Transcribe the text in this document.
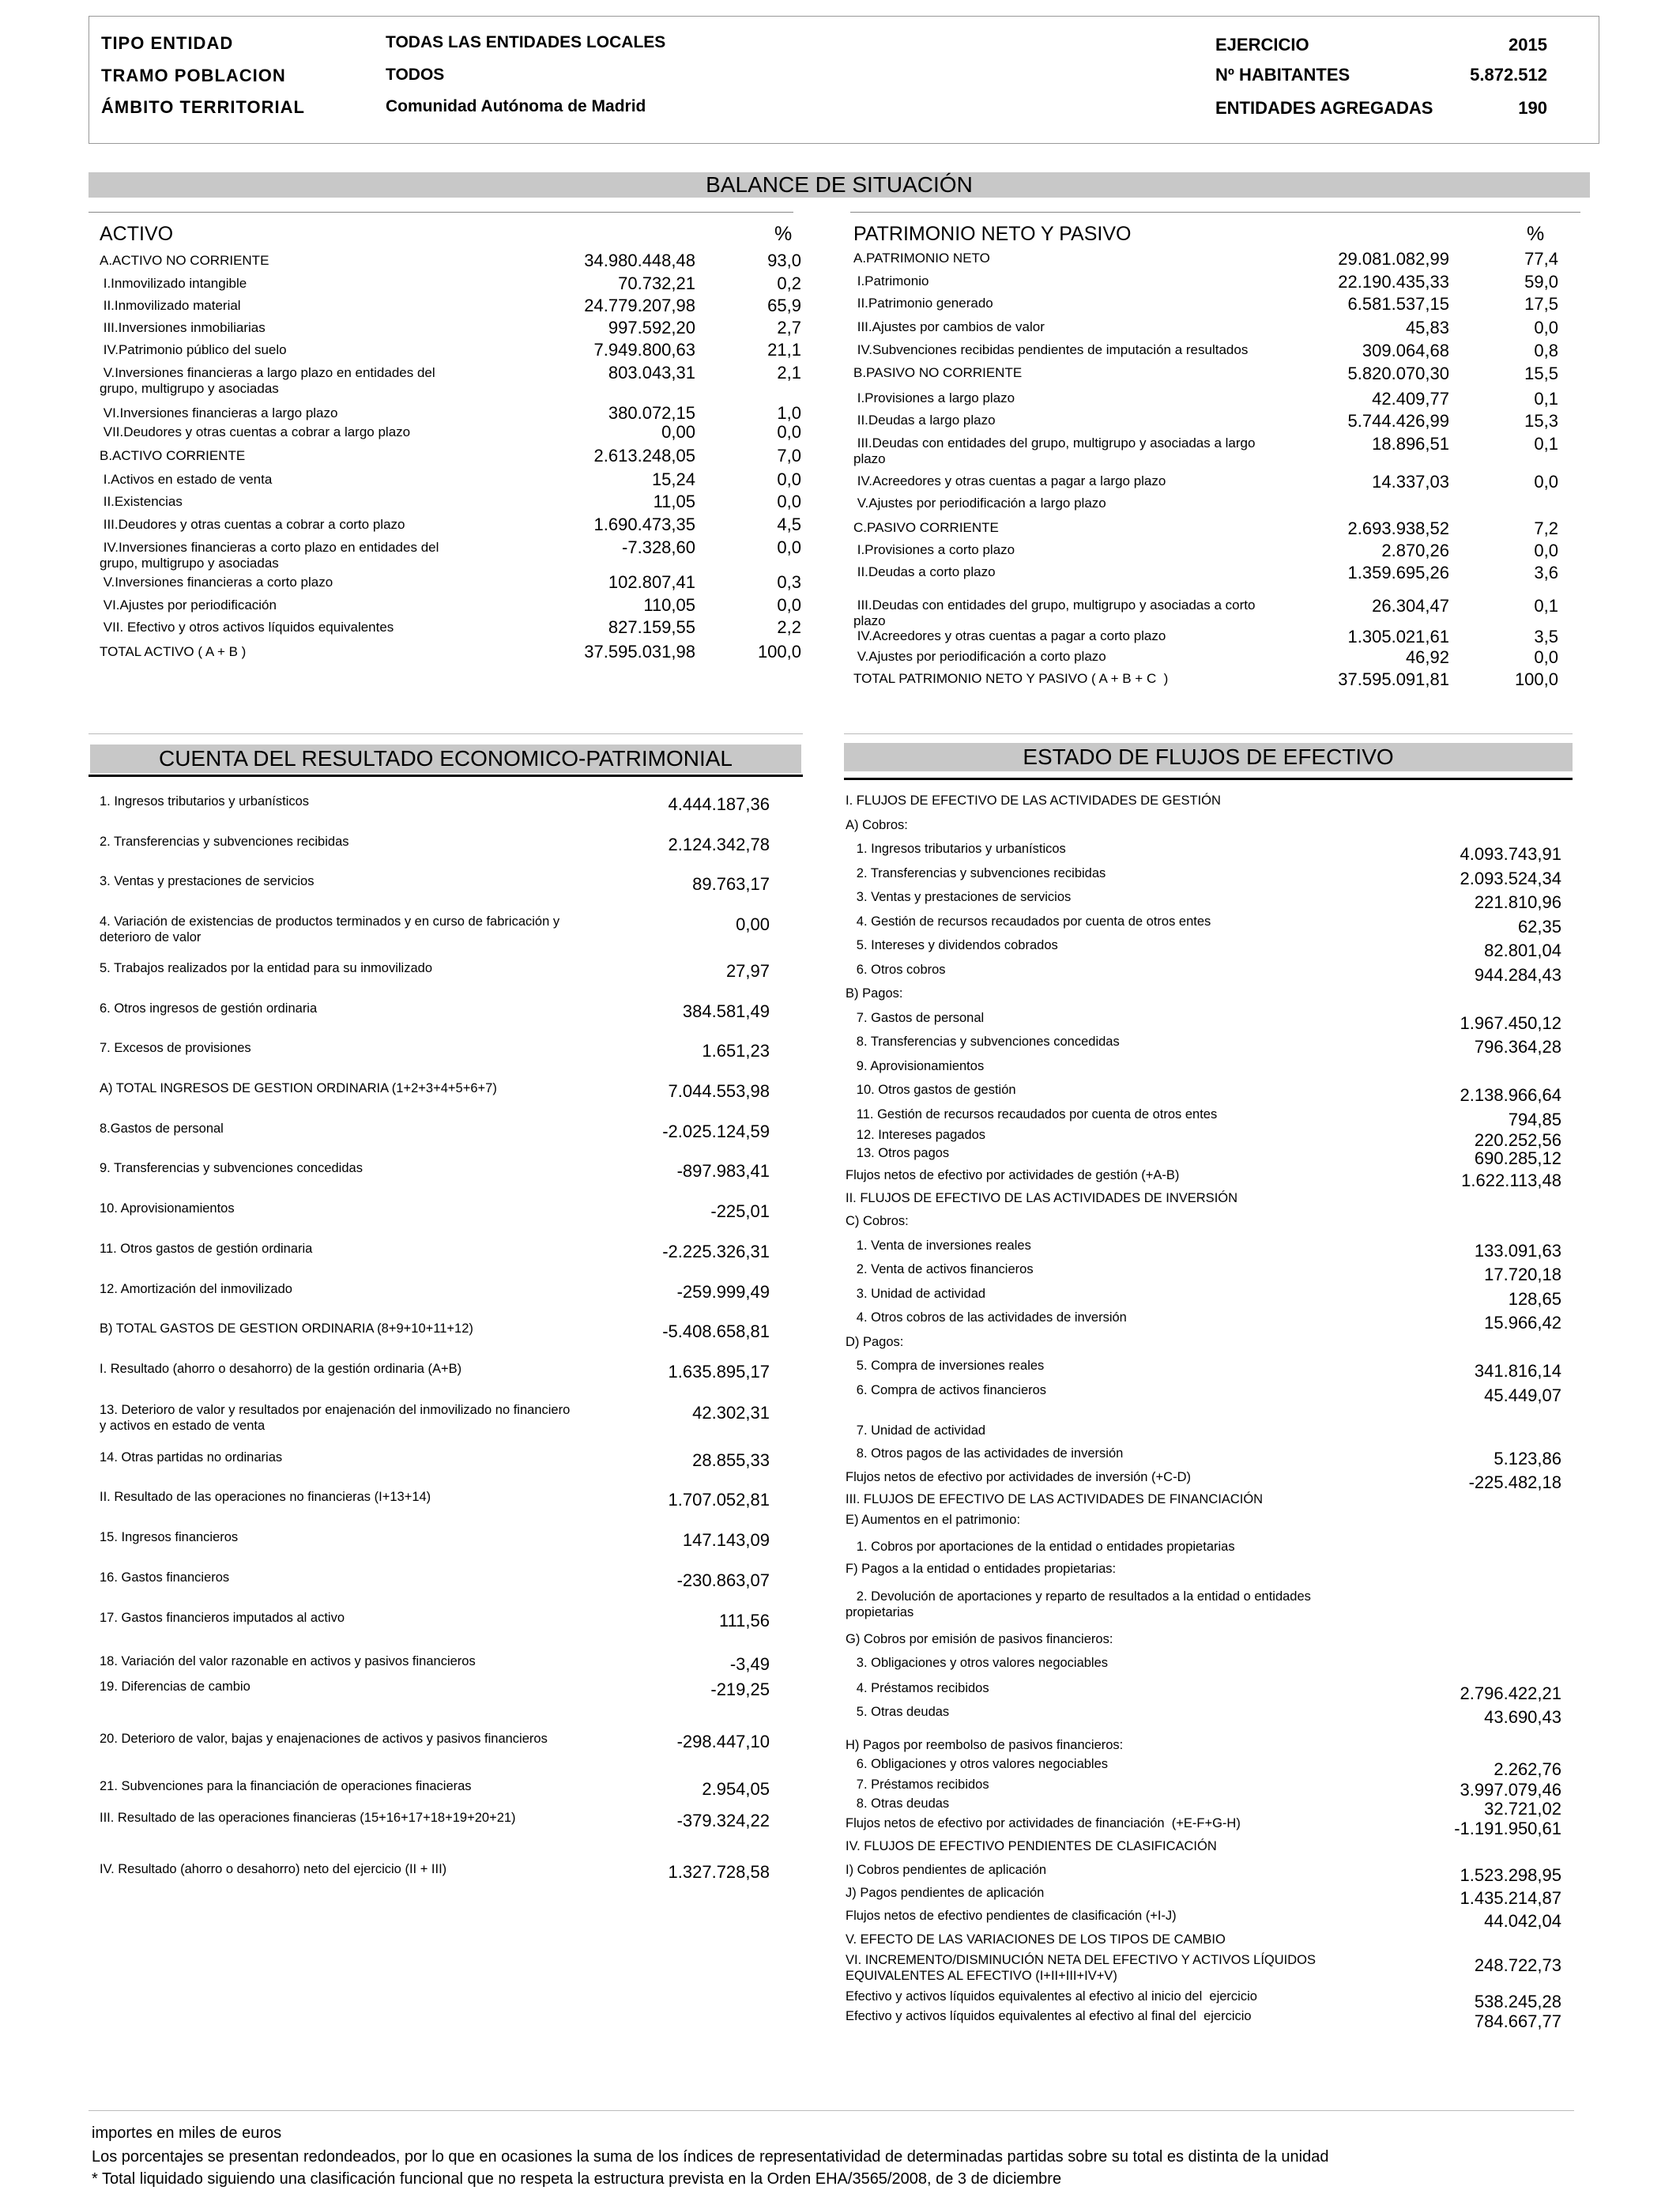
TIPO ENTIDAD	TODAS LAS ENTIDADES LOCALES
TRAMO POBLACION	TODOS
ÁMBITO TERRITORIAL	Comunidad Autónoma de Madrid
EJERCICIO	2015
Nº HABITANTES	5.872.512
ENTIDADES AGREGADAS	190
BALANCE DE SITUACIÓN
ACTIVO	%	PATRIMONIO NETO Y PASIVO	%
A.ACTIVO NO CORRIENTE	34.980.448,48	93,0
I.Inmovilizado intangible	70.732,21	0,2
II.Inmovilizado material	24.779.207,98	65,9
III.Inversiones inmobiliarias	997.592,20	2,7
IV.Patrimonio público del suelo	7.949.800,63	21,1
V.Inversiones financieras a largo plazo en entidades del grupo, multigrupo y asociadas
803.043,31	2,1
VI.Inversiones financieras a largo plazo	380.072,15	1,0
VII.Deudores y otras cuentas a cobrar a largo plazo	0,00	0,0
B.ACTIVO CORRIENTE	2.613.248,05	7,0
I.Activos en estado de venta	15,24	0,0
II.Existencias	11,05	0,0
III.Deudores y otras cuentas a cobrar a corto plazo	1.690.473,35	4,5
IV.Inversiones financieras a corto plazo en entidades del grupo, multigrupo y asociadas
-7.328,60	0,0
V.Inversiones financieras a corto plazo	102.807,41	0,3
VI.Ajustes por periodificación	110,05	0,0
VII. Efectivo y otros activos líquidos equivalentes	827.159,55	2,2
TOTAL ACTIVO ( A + B )	37.595.031,98	100,0
A.PATRIMONIO NETO	29.081.082,99	77,4
I.Patrimonio	22.190.435,33	59,0
II.Patrimonio generado	6.581.537,15	17,5
III.Ajustes por cambios de valor	45,83	0,0
IV.Subvenciones recibidas pendientes de imputación a resultados	309.064,68	0,8
B.PASIVO NO CORRIENTE	5.820.070,30	15,5
I.Provisiones a largo plazo	42.409,77	0,1
II.Deudas a largo plazo	5.744.426,99	15,3
III.Deudas con entidades del grupo, multigrupo y asociadas a largo plazo
18.896,51	0,1
IV.Acreedores y otras cuentas a pagar a largo plazo	14.337,03	0,0
V.Ajustes por periodificación a largo plazo
C.PASIVO CORRIENTE	2.693.938,52	7,2
I.Provisiones a corto plazo	2.870,26	0,0
II.Deudas a corto plazo	1.359.695,26	3,6
III.Deudas con entidades del grupo, multigrupo y asociadas a corto plazo
26.304,47	0,1
IV.Acreedores y otras cuentas a pagar a corto plazo	1.305.021,61	3,5
V.Ajustes por periodificación a corto plazo	46,92	0,0
TOTAL PATRIMONIO NETO Y PASIVO ( A + B + C  )	37.595.091,81	100,0
CUENTA DEL RESULTADO ECONOMICO-PATRIMONIAL
1. Ingresos tributarios y urbanísticos	4.444.187,36
2. Transferencias y subvenciones recibidas	2.124.342,78
3. Ventas y prestaciones de servicios	89.763,17
4. Variación de existencias de productos terminados y en curso de fabricación y deterioro de valor
0,00
5. Trabajos realizados por la entidad para su inmovilizado	27,97
6. Otros ingresos de gestión ordinaria	384.581,49
7. Excesos de provisiones	1.651,23
A) TOTAL INGRESOS DE GESTION ORDINARIA (1+2+3+4+5+6+7)	7.044.553,98
8.Gastos de personal	-2.025.124,59
9. Transferencias y subvenciones concedidas	-897.983,41
10. Aprovisionamientos	-225,01
11. Otros gastos de gestión ordinaria	-2.225.326,31
12. Amortización del inmovilizado	-259.999,49
B) TOTAL GASTOS DE GESTION ORDINARIA (8+9+10+11+12)	-5.408.658,81
I. Resultado (ahorro o desahorro) de la gestión ordinaria (A+B)	1.635.895,17
13. Deterioro de valor y resultados por enajenación del inmovilizado no financiero y activos en estado de venta
42.302,31
14. Otras partidas no ordinarias	28.855,33
II. Resultado de las operaciones no financieras (I+13+14)	1.707.052,81
15. Ingresos financieros	147.143,09
16. Gastos financieros	-230.863,07
17. Gastos financieros imputados al activo	111,56
18. Variación del valor razonable en activos y pasivos financieros	-3,49
19. Diferencias de cambio	-219,25
20. Deterioro de valor, bajas y enajenaciones de activos y pasivos financieros	-298.447,10
21. Subvenciones para la financiación de operaciones finacieras	2.954,05
III. Resultado de las operaciones financieras (15+16+17+18+19+20+21)	-379.324,22
IV. Resultado (ahorro o desahorro) neto del ejercicio (II + III)	1.327.728,58
ESTADO DE FLUJOS DE EFECTIVO
I. FLUJOS DE EFECTIVO DE LAS ACTIVIDADES DE GESTIÓN
A) Cobros:
1. Ingresos tributarios y urbanísticos	4.093.743,91
2. Transferencias y subvenciones recibidas	2.093.524,34
3. Ventas y prestaciones de servicios	221.810,96
4. Gestión de recursos recaudados por cuenta de otros entes	62,35
5. Intereses y dividendos cobrados	82.801,04
6. Otros cobros	944.284,43
B) Pagos:
7. Gastos de personal	1.967.450,12
8. Transferencias y subvenciones concedidas	796.364,28
9. Aprovisionamientos
10. Otros gastos de gestión	2.138.966,64
11. Gestión de recursos recaudados por cuenta de otros entes	794,85
12. Intereses pagados	220.252,56
13. Otros pagos	690.285,12
Flujos netos de efectivo por actividades de gestión (+A-B)	1.622.113,48
II. FLUJOS DE EFECTIVO DE LAS ACTIVIDADES DE INVERSIÓN
C) Cobros:
1. Venta de inversiones reales	133.091,63
2. Venta de activos financieros	17.720,18
3. Unidad de actividad	128,65
4. Otros cobros de las actividades de inversión	15.966,42
D) Pagos:
5. Compra de inversiones reales	341.816,14
6. Compra de activos financieros	45.449,07
7. Unidad de actividad
8. Otros pagos de las actividades de inversión	5.123,86
Flujos netos de efectivo por actividades de inversión (+C-D)	-225.482,18
III. FLUJOS DE EFECTIVO DE LAS ACTIVIDADES DE FINANCIACIÓN
E) Aumentos en el patrimonio:
1. Cobros por aportaciones de la entidad o entidades propietarias
F) Pagos a la entidad o entidades propietarias:
2. Devolución de aportaciones y reparto de resultados a la entidad o entidades propietarias
G) Cobros por emisión de pasivos financieros:
3. Obligaciones y otros valores negociables
4. Préstamos recibidos	2.796.422,21
5. Otras deudas	43.690,43
H) Pagos por reembolso de pasivos financieros:
6. Obligaciones y otros valores negociables	2.262,76
7. Préstamos recibidos	3.997.079,46
8. Otras deudas	32.721,02
Flujos netos de efectivo por actividades de financiación  (+E-F+G-H)	-1.191.950,61
IV. FLUJOS DE EFECTIVO PENDIENTES DE CLASIFICACIÓN
I) Cobros pendientes de aplicación	1.523.298,95
J) Pagos pendientes de aplicación	1.435.214,87
Flujos netos de efectivo pendientes de clasificación (+I-J)	44.042,04
V. EFECTO DE LAS VARIACIONES DE LOS TIPOS DE CAMBIO
VI. INCREMENTO/DISMINUCIÓN NETA DEL EFECTIVO Y ACTIVOS LÍQUIDOS EQUIVALENTES AL EFECTIVO (I+II+III+IV+V)
248.722,73
Efectivo y activos líquidos equivalentes al efectivo al inicio del  ejercicio	538.245,28
Efectivo y activos líquidos equivalentes al efectivo al final del  ejercicio	784.667,77
importes en miles de euros
Los porcentajes se presentan redondeados, por lo que en ocasiones la suma de los índices de representatividad de determinadas partidas sobre su total es distinta de la unidad
* Total liquidado siguiendo una clasificación funcional que no respeta la estructura prevista en la Orden EHA/3565/2008, de 3 de diciembre
